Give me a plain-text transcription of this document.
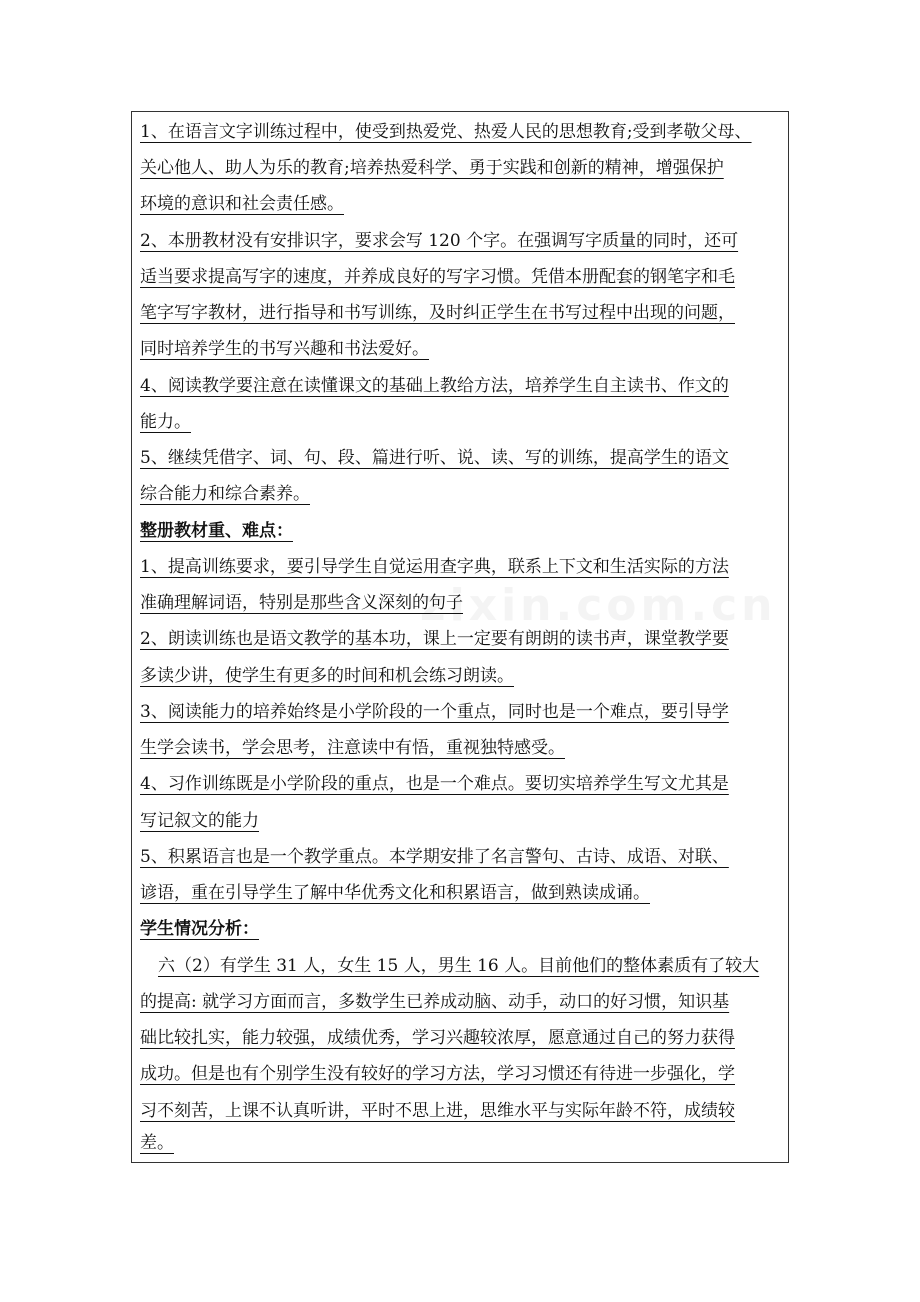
zixin.com.cn
1、在语言文字训练过程中，使受到热爱党、热爱人民的思想教育;受到孝敬父母、
关心他人、助人为乐的教育;培养热爱科学、勇于实践和创新的精神，增强保护
环境的意识和社会责任感。
2、本册教材没有安排识字，要求会写 120 个字。在强调写字质量的同时，还可
适当要求提高写字的速度，并养成良好的写字习惯。凭借本册配套的钢笔字和毛
笔字写字教材，进行指导和书写训练，及时纠正学生在书写过程中出现的问题，
同时培养学生的书写兴趣和书法爱好。
4、阅读教学要注意在读懂课文的基础上教给方法，培养学生自主读书、作文的
能力。
5、继续凭借字、词、句、段、篇进行听、说、读、写的训练，提高学生的语文
综合能力和综合素养。
整册教材重、难点：
1、提高训练要求，要引导学生自觉运用查字典，联系上下文和生活实际的方法
准确理解词语，特别是那些含义深刻的句子
2、朗读训练也是语文教学的基本功，课上一定要有朗朗的读书声，课堂教学要
多读少讲，使学生有更多的时间和机会练习朗读。
3、阅读能力的培养始终是小学阶段的一个重点，同时也是一个难点，要引导学
生学会读书，学会思考，注意读中有悟，重视独特感受。
4、习作训练既是小学阶段的重点，也是一个难点。要切实培养学生写文尤其是
写记叙文的能力
5、积累语言也是一个教学重点。本学期安排了名言警句、古诗、成语、对联、
谚语，重在引导学生了解中华优秀文化和积累语言，做到熟读成诵。
学生情况分析：
六（2）有学生 31 人，女生 15 人，男生 16 人。目前他们的整体素质有了较大
的提高: 就学习方面而言，多数学生已养成动脑、动手，动口的好习惯，知识基
础比较扎实，能力较强，成绩优秀，学习兴趣较浓厚，愿意通过自己的努力获得
成功。但是也有个别学生没有较好的学习方法，学习习惯还有待进一步强化，学
习不刻苦，上课不认真听讲，平时不思上进，思维水平与实际年龄不符，成绩较
差。
